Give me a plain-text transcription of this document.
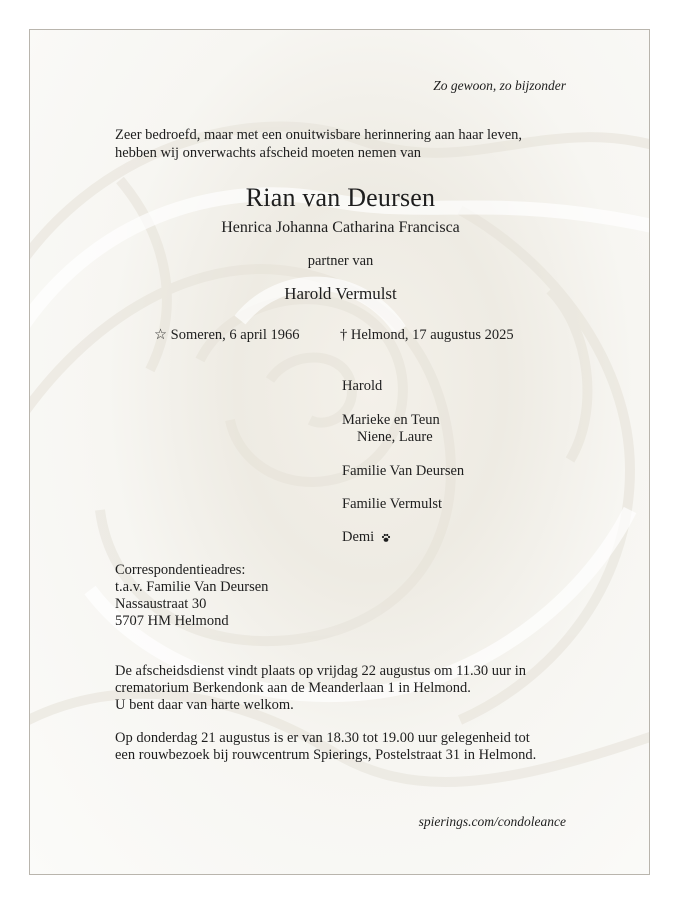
Zo gewoon, zo bijzonder
Zeer bedroefd, maar met een onuitwisbare herinnering aan haar leven,
hebben wij onverwachts afscheid moeten nemen van
Rian van Deursen
Henrica Johanna Catharina Francisca
partner van
Harold Vermulst
☆ Someren, 6 april 1966	† Helmond, 17 augustus 2025
Harold
Marieke en Teun
Niene, Laure
Familie Van Deursen
Familie Vermulst
Demi
Correspondentieadres:
t.a.v. Familie Van Deursen
Nassaustraat 30
5707 HM Helmond
De afscheidsdienst vindt plaats op vrijdag 22 augustus om 11.30 uur in
crematorium Berkendonk aan de Meanderlaan 1 in Helmond.
U bent daar van harte welkom.
Op donderdag 21 augustus is er van 18.30 tot 19.00 uur gelegenheid tot
een rouwbezoek bij rouwcentrum Spierings, Postelstraat 31 in Helmond.
spierings.com/condoleance
